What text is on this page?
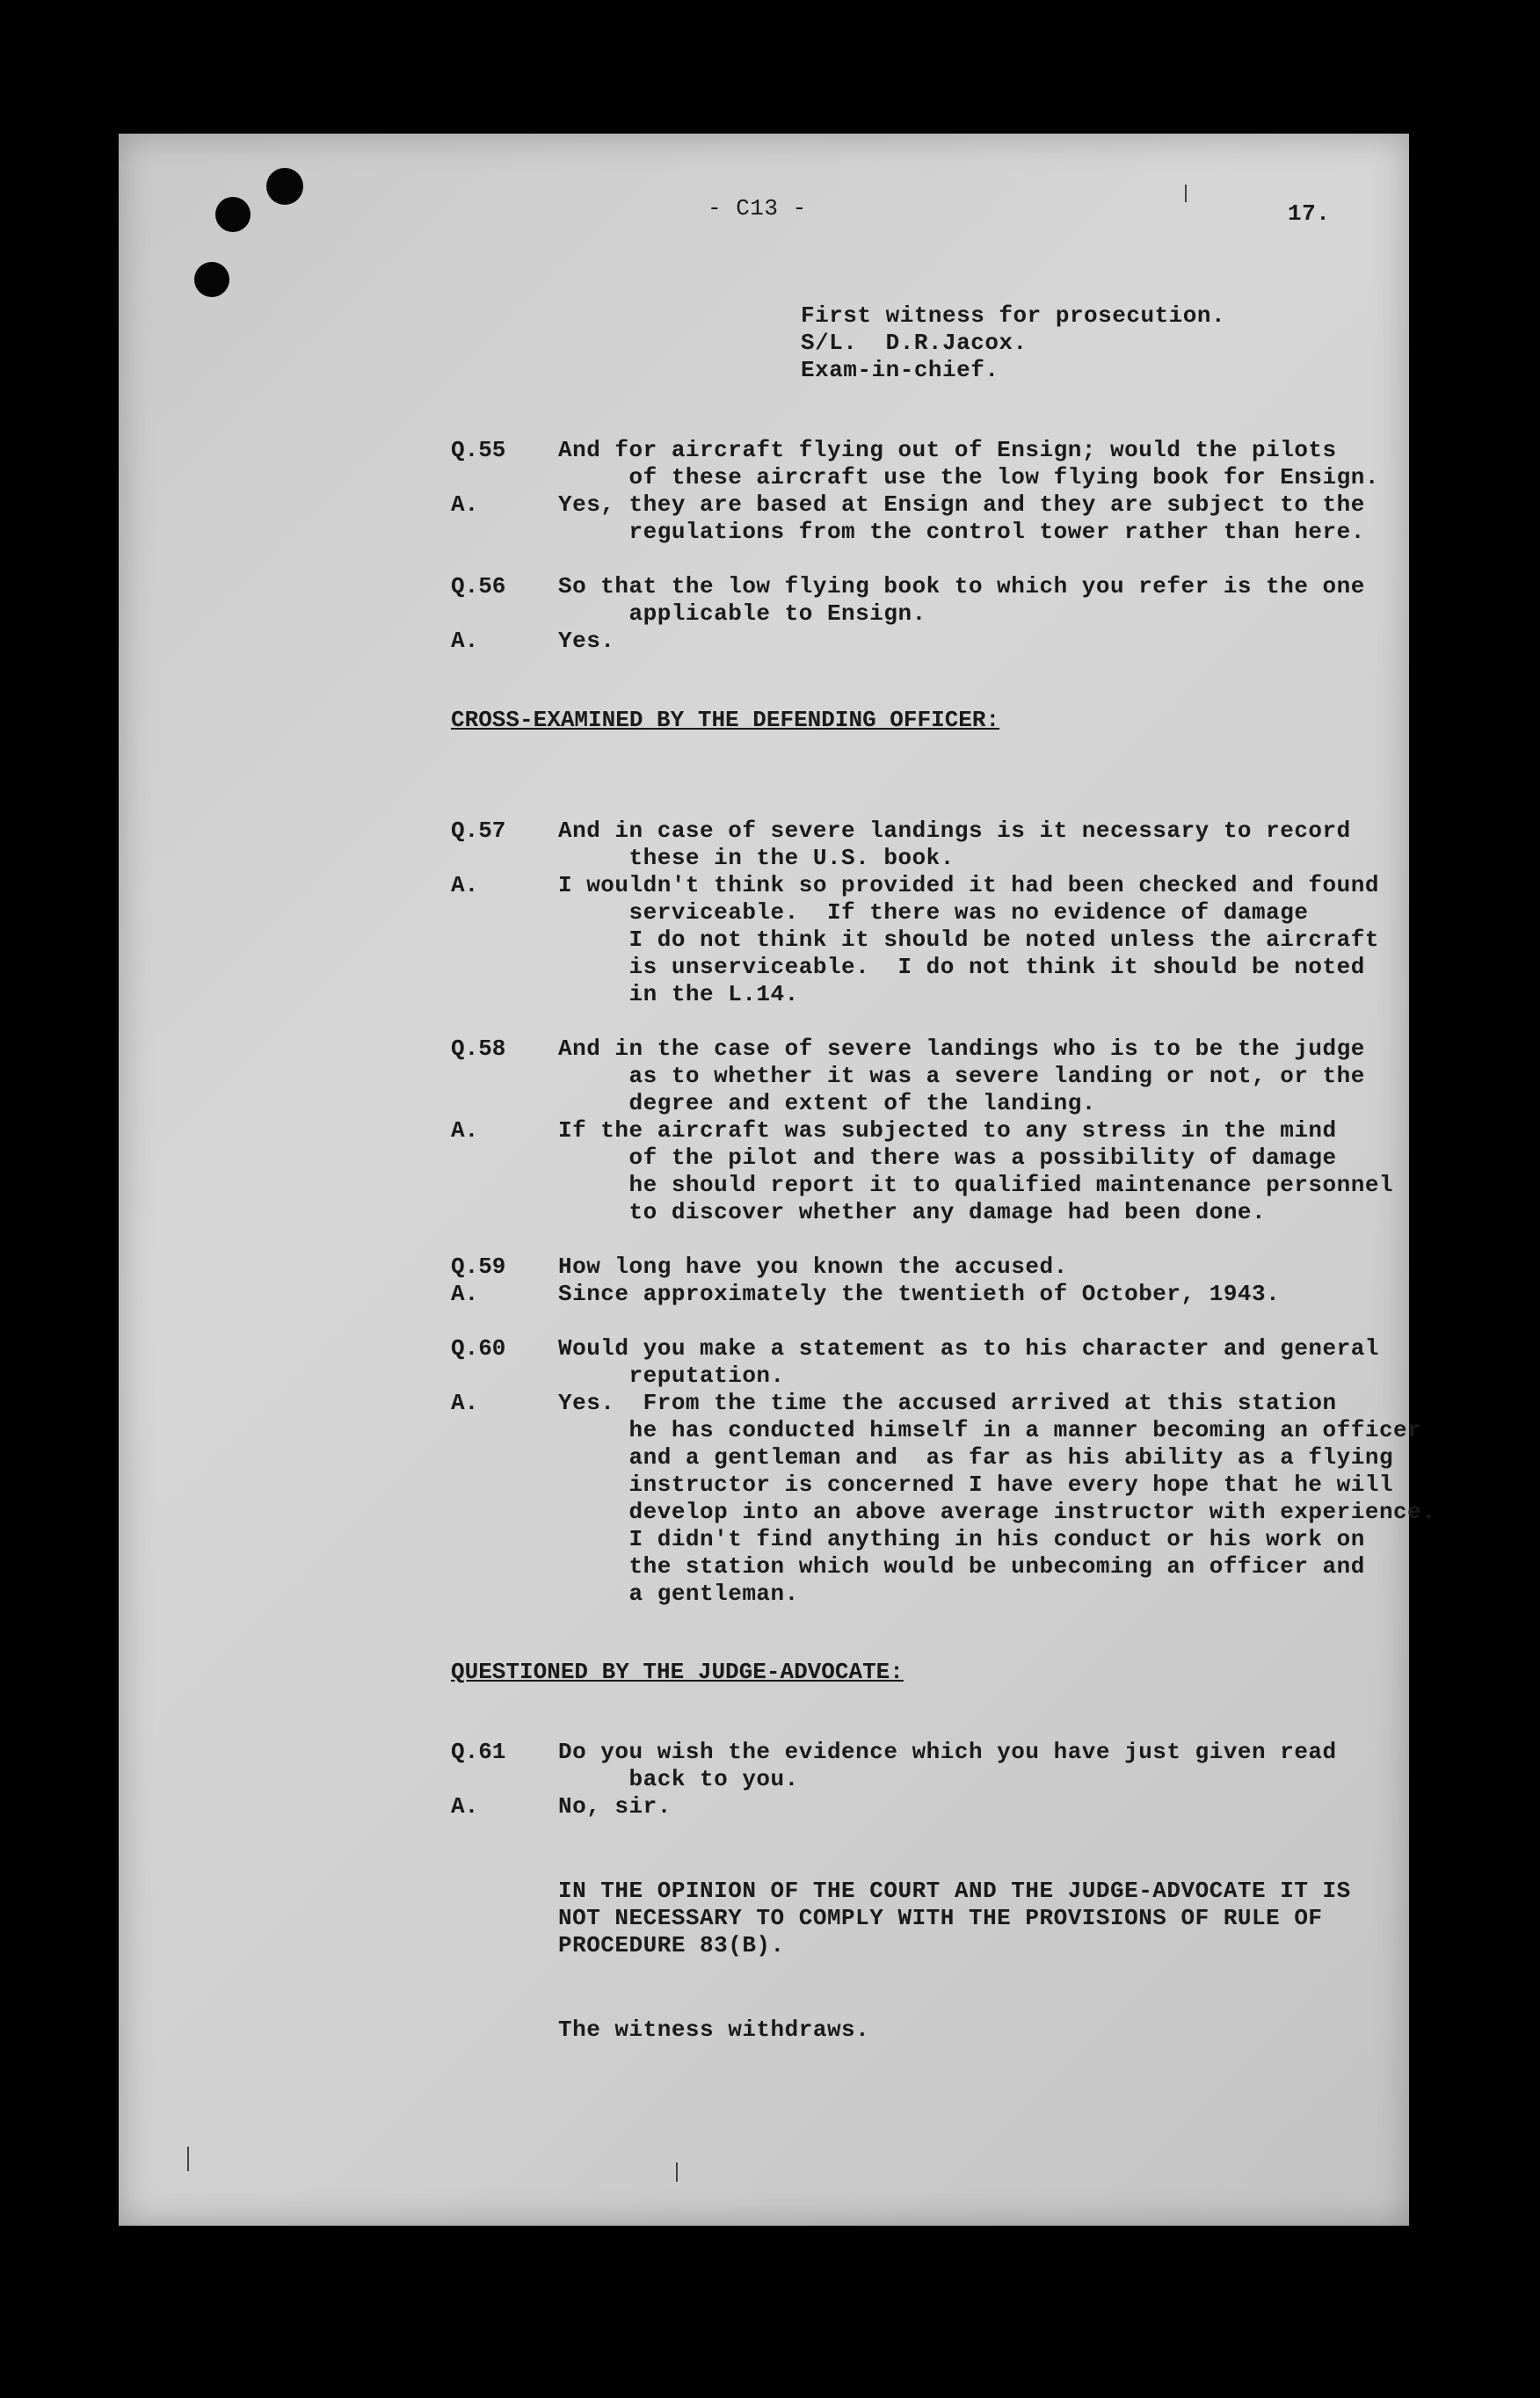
- C13 -	17.
First witness for prosecution.
S/L.  D.R.Jacox.
Exam-in-chief.
Q.55 And for aircraft flying out of Ensign; would the pilots
of these aircraft use the low flying book for Ensign.
A.	Yes, they are based at Ensign and they are subject to the
regulations from the control tower rather than here.
Q.56 So that the low flying book to which you refer is the one
applicable to Ensign.
A.	Yes.
CROSS-EXAMINED BY THE DEFENDING OFFICER:
Q.57 And in case of severe landings is it necessary to record
these in the U.S. book.
A.	I wouldn't think so provided it had been checked and found
serviceable.  If there was no evidence of damage
I do not think it should be noted unless the aircraft
is unserviceable.  I do not think it should be noted
in the L.14.
Q.58 And in the case of severe landings who is to be the judge
as to whether it was a severe landing or not, or the
degree and extent of the landing.
A.	If the aircraft was subjected to any stress in the mind
of the pilot and there was a possibility of damage
he should report it to qualified maintenance personnel
to discover whether any damage had been done.
Q.59 How long have you known the accused.
A.	Since approximately the twentieth of October, 1943.
Q.60 Would you make a statement as to his character and general
reputation.
A.	Yes.  From the time the accused arrived at this station
he has conducted himself in a manner becoming an officer
and a gentleman and  as far as his ability as a flying
instructor is concerned I have every hope that he will
develop into an above average instructor with experience.
I didn't find anything in his conduct or his work on
the station which would be unbecoming an officer and
a gentleman.
QUESTIONED BY THE JUDGE-ADVOCATE:
Q.61 Do you wish the evidence which you have just given read
back to you.
A.	No, sir.
IN THE OPINION OF THE COURT AND THE JUDGE-ADVOCATE IT IS
NOT NECESSARY TO COMPLY WITH THE PROVISIONS OF RULE OF
PROCEDURE 83(B).
The witness withdraws.
